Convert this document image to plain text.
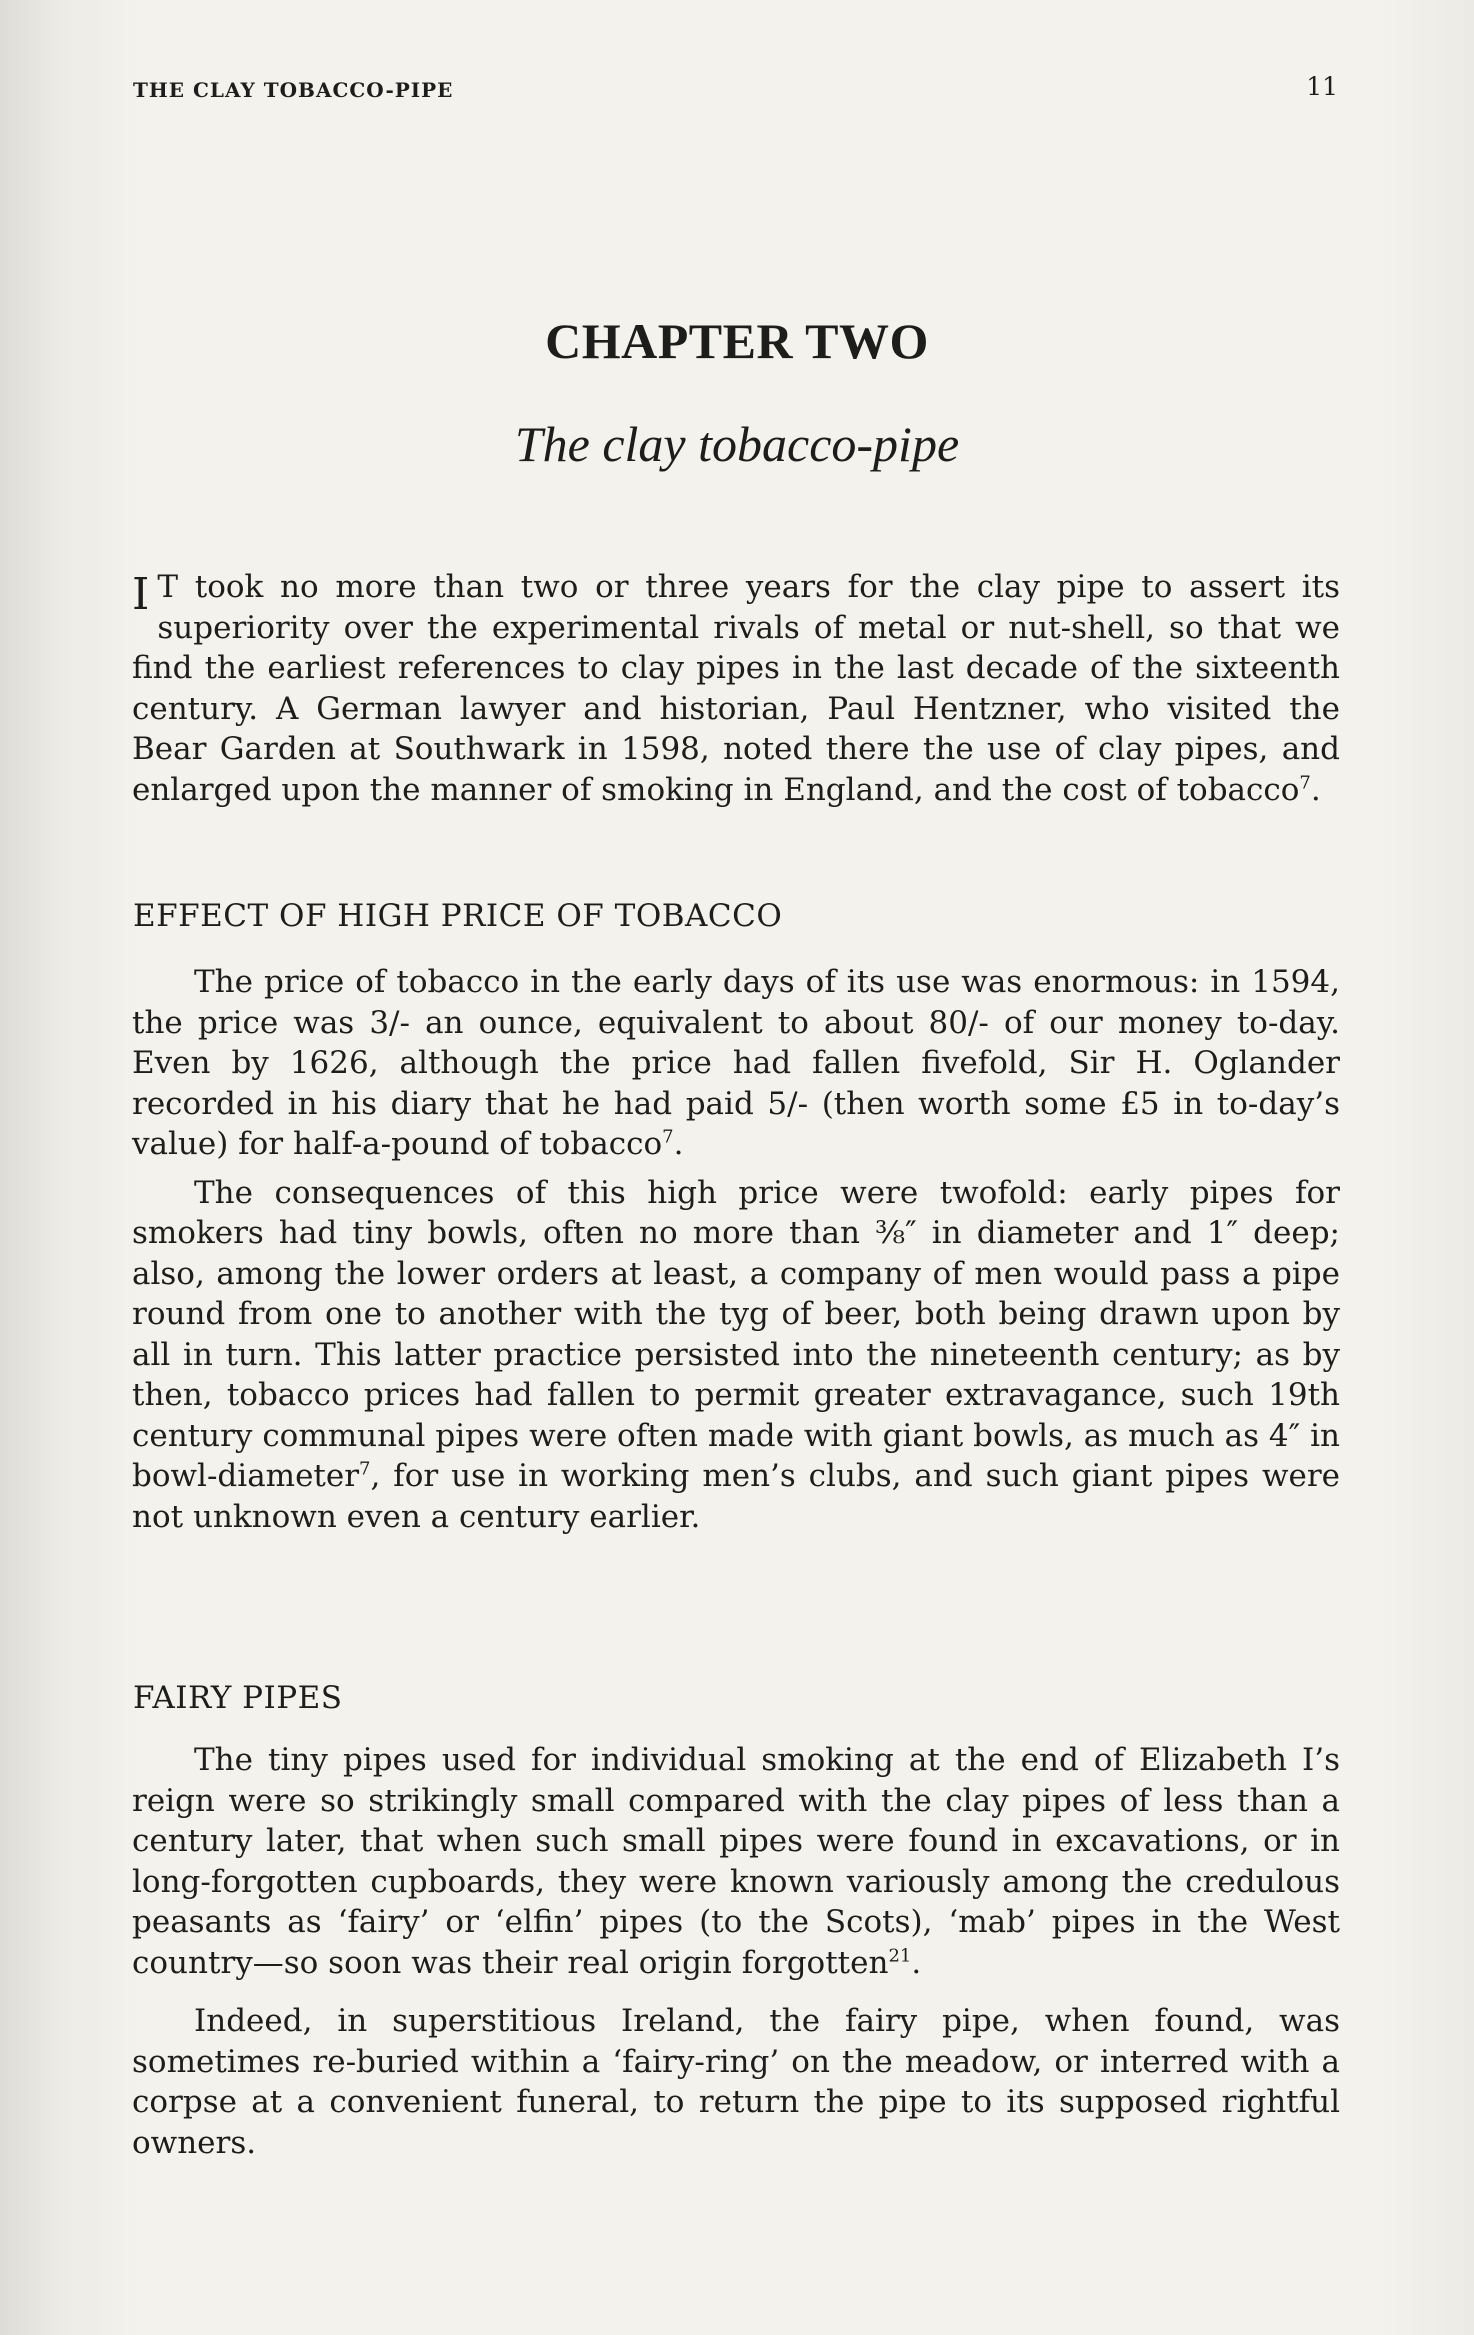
THE CLAY TOBACCO-PIPE	11
CHAPTER TWO
The clay tobacco-pipe

I T took no more than two or three years for the clay pipe to assert its superiority over the experimental rivals of metal or nut-shell, so that we find the earliest references to clay pipes in the last decade of the sixteenth century. A German lawyer and historian, Paul Hentzner, who visited the Bear Garden at Southwark in 1598, noted there the use of clay pipes, and enlarged upon the manner of smoking in England, and the cost of tobacco$^7$.

EFFECT OF HIGH PRICE OF TOBACCO

The price of tobacco in the early days of its use was enormous: in 1594, the price was 3/- an ounce, equivalent to about 80/- of our money to-day. Even by 1626, although the price had fallen fivefold, Sir H. Oglander recorded in his diary that he had paid 5/- (then worth some £5 in to-day’s value) for half-a-pound of tobacco$^7$.

The consequences of this high price were twofold: early pipes for smokers had tiny bowls, often no more than ⅜″ in diameter and 1″ deep; also, among the lower orders at least, a company of men would pass a pipe round from one to another with the tyg of beer, both being drawn upon by all in turn. This latter practice persisted into the nineteenth century; as by then, tobacco prices had fallen to permit greater extravagance, such 19th century communal pipes were often made with giant bowls, as much as 4″ in bowl-diameter$^7$, for use in working men’s clubs, and such giant pipes were not unknown even a century earlier.

FAIRY PIPES

The tiny pipes used for individual smoking at the end of Elizabeth I’s reign were so strikingly small compared with the clay pipes of less than a century later, that when such small pipes were found in excavations, or in long-forgotten cupboards, they were known variously among the credulous peasants as ‘fairy’ or ‘elfin’ pipes (to the Scots), ‘mab’ pipes in the West country—so soon was their real origin forgotten$^{21}$.

Indeed, in superstitious Ireland, the fairy pipe, when found, was sometimes re-buried within a ‘fairy-ring’ on the meadow, or interred with a corpse at a convenient funeral, to return the pipe to its supposed rightful owners.
